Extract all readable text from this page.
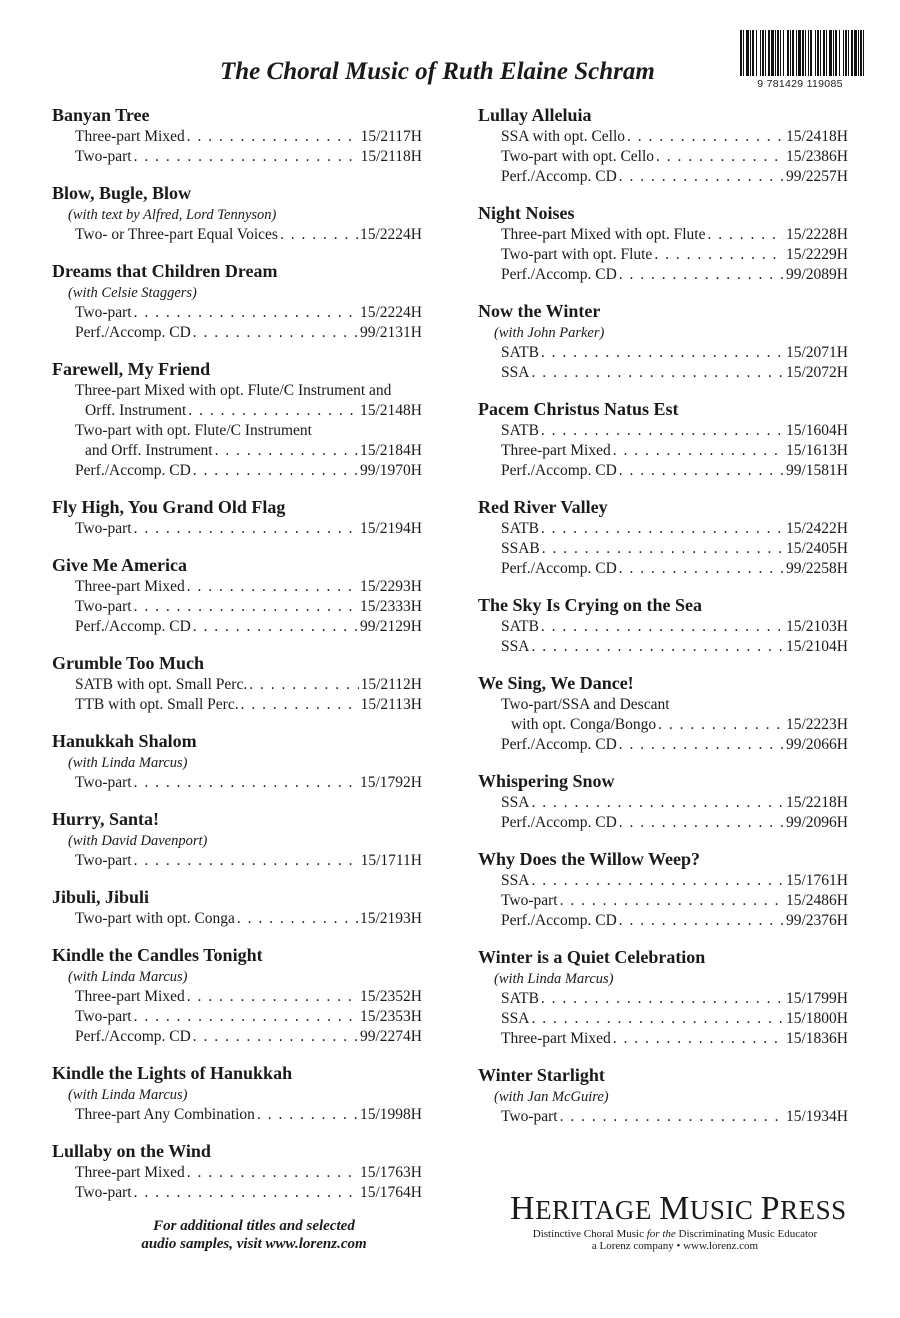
The Choral Music of Ruth Elaine Schram	9 781429 119085
Banyan Tree
Three-part Mixed . . .	15/2117H
Two-part . . .	15/2118H
Blow, Bugle, Blow
(with text by Alfred, Lord Tennyson)
Two- or Three-part Equal Voices . . .	15/2224H
Dreams that Children Dream
(with Celsie Staggers)
Two-part . . .	15/2224H
Perf./Accomp. CD . . .	99/2131H
Farewell, My Friend
Three-part Mixed with opt. Flute/C Instrument and
Orff. Instrument . . .	15/2148H
Two-part with opt. Flute/C Instrument
and Orff. Instrument . . .	15/2184H
Perf./Accomp. CD . . .	99/1970H
Fly High, You Grand Old Flag
Two-part . . .	15/2194H
Give Me America
Three-part Mixed . . .	15/2293H
Two-part . . .	15/2333H
Perf./Accomp. CD . . .	99/2129H
Grumble Too Much
SATB with opt. Small Perc. . . .	15/2112H
TTB with opt. Small Perc. . . .	15/2113H
Hanukkah Shalom
(with Linda Marcus)
Two-part . . .	15/1792H
Hurry, Santa!
(with David Davenport)
Two-part . . .	15/1711H
Jibuli, Jibuli
Two-part with opt. Conga . . .	15/2193H
Kindle the Candles Tonight
(with Linda Marcus)
Three-part Mixed . . .	15/2352H
Two-part . . .	15/2353H
Perf./Accomp. CD . . .	99/2274H
Kindle the Lights of Hanukkah
(with Linda Marcus)
Three-part Any Combination . . .	15/1998H
Lullaby on the Wind
Three-part Mixed . . .	15/1763H
Two-part . . .	15/1764H
Lullay Alleluia
SSA with opt. Cello . . .	15/2418H
Two-part with opt. Cello . . .	15/2386H
Perf./Accomp. CD . . .	99/2257H
Night Noises
Three-part Mixed with opt. Flute . . .	15/2228H
Two-part with opt. Flute . . .	15/2229H
Perf./Accomp. CD . . .	99/2089H
Now the Winter
(with John Parker)
SATB . . .	15/2071H
SSA . . .	15/2072H
Pacem Christus Natus Est
SATB . . .	15/1604H
Three-part Mixed . . .	15/1613H
Perf./Accomp. CD . . .	99/1581H
Red River Valley
SATB . . .	15/2422H
SSAB . . .	15/2405H
Perf./Accomp. CD . . .	99/2258H
The Sky Is Crying on the Sea
SATB . . .	15/2103H
SSA . . .	15/2104H
We Sing, We Dance!
Two-part/SSA and Descant
with opt. Conga/Bongo . . .	15/2223H
Perf./Accomp. CD . . .	99/2066H
Whispering Snow
SSA . . .	15/2218H
Perf./Accomp. CD . . .	99/2096H
Why Does the Willow Weep?
SSA . . .	15/1761H
Two-part . . .	15/2486H
Perf./Accomp. CD . . .	99/2376H
Winter is a Quiet Celebration
(with Linda Marcus)
SATB . . .	15/1799H
SSA . . .	15/1800H
Three-part Mixed . . .	15/1836H
Winter Starlight
(with Jan McGuire)
Two-part . . .	15/1934H
For additional titles and selected
audio samples, visit www.lorenz.com
HERITAGE MUSIC PRESS
Distinctive Choral Music for the Discriminating Music Educator
a Lorenz company • www.lorenz.com
